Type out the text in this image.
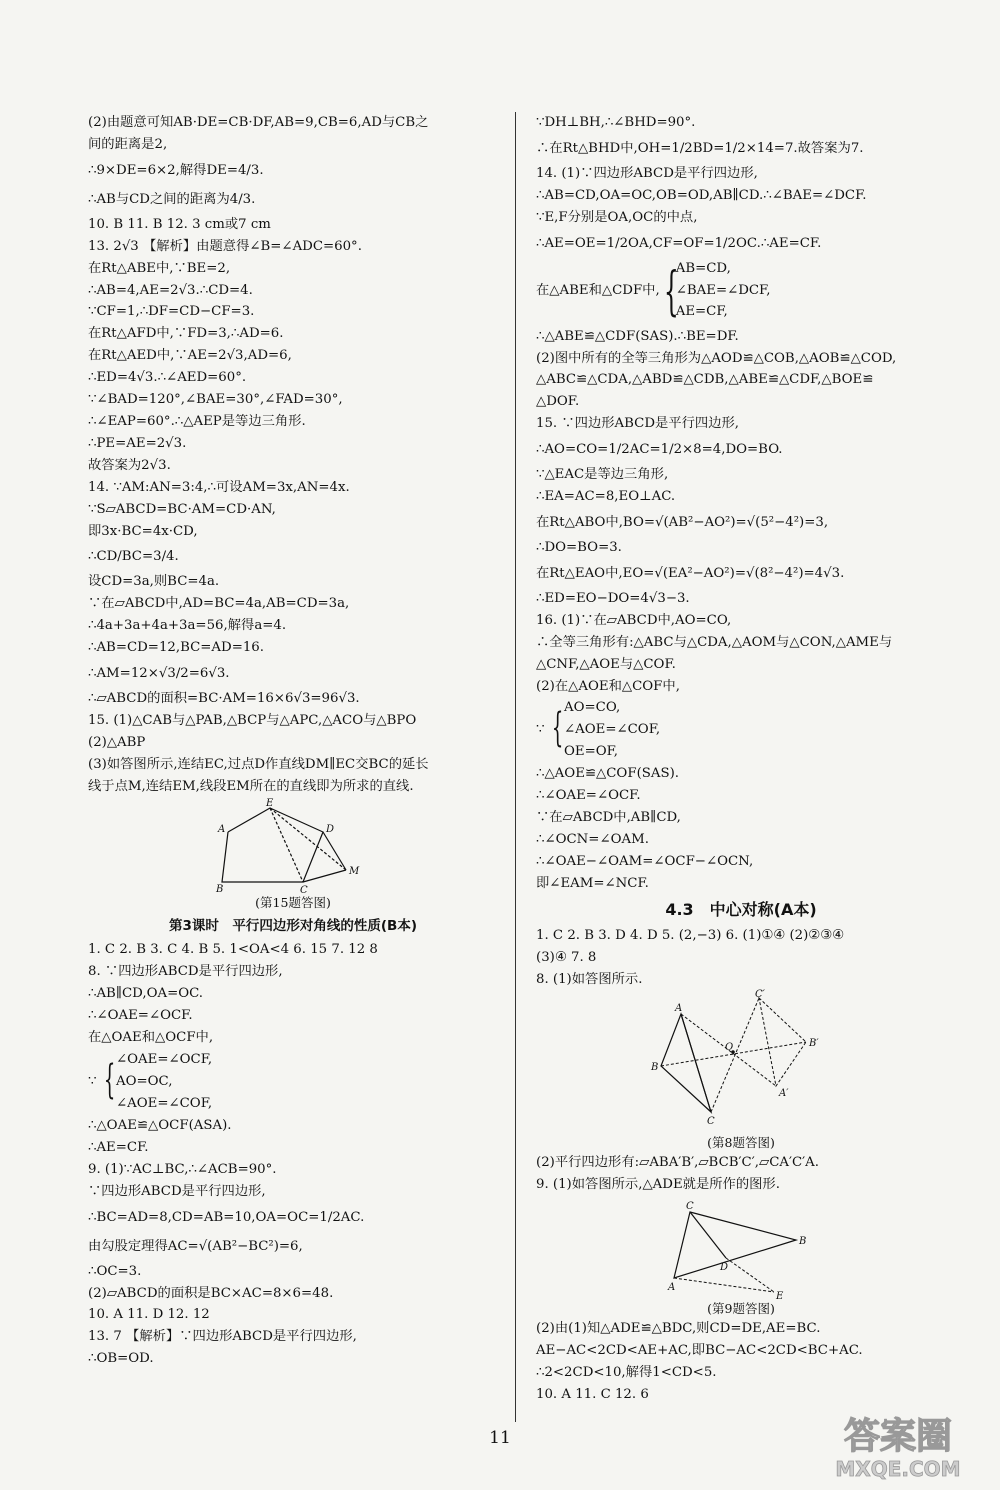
(2)由题意可知AB·DE=CB·DF,AB=9,CB=6,AD与CB之
间的距离是2,
∴9×DE=6×2,解得DE=4/3.
∴AB与CD之间的距离为4/3.
10. B 11. B 12. 3 cm或7 cm
13. 2√3 【解析】由题意得∠B=∠ADC=60°.
在Rt△ABE中,∵BE=2,
∴AB=4,AE=2√3.∴CD=4.
∵CF=1,∴DF=CD−CF=3.
在Rt△AFD中,∵FD=3,∴AD=6.
在Rt△AED中,∵AE=2√3,AD=6,
∴ED=4√3.∴∠AED=60°.
∵∠BAD=120°,∠BAE=30°,∠FAD=30°,
∴∠EAP=60°.∴△AEP是等边三角形.
∴PE=AE=2√3.
故答案为2√3.
14. ∵AM:AN=3:4,∴可设AM=3x,AN=4x.
∵S▱ABCD=BC·AM=CD·AN,
即3x·BC=4x·CD,
∴CD/BC=3/4.
设CD=3a,则BC=4a.
∵在▱ABCD中,AD=BC=4a,AB=CD=3a,
∴4a+3a+4a+3a=56,解得a=4.
∴AB=CD=12,BC=AD=16.
∴AM=12×√3/2=6√3.
∴▱ABCD的面积=BC·AM=16×6√3=96√3.
15. (1)△CAB与△PAB,△BCP与△APC,△ACO与△BPO
(2)△ABP
(3)如答图所示,连结EC,过点D作直线DM∥EC交BC的延长
线于点M,连结EM,线段EM所在的直线即为所求的直线.
E
A	D
B	C
M
(第15题答图)
第3课时　平行四边形对角线的性质(B本)
1. C 2. B 3. C 4. B 5. 1<OA<4 6. 15 7. 12 8
8. ∵四边形ABCD是平行四边形,
∴AB∥CD,OA=OC.
∴∠OAE=∠OCF.
在△OAE和△OCF中,
∵ { ∠OAE=∠OCF,
AO=OC,
∠AOE=∠COF,
∴△OAE≌△OCF(ASA).
∴AE=CF.
9. (1)∵AC⊥BC,∴∠ACB=90°.
∵四边形ABCD是平行四边形,
∴BC=AD=8,CD=AB=10,OA=OC=1/2AC.
由勾股定理得AC=√(AB²−BC²)=6,
∴OC=3.
(2)▱ABCD的面积是BC×AC=8×6=48.
10. A 11. D 12. 12
13. 7 【解析】∵四边形ABCD是平行四边形,
∴OB=OD.
∵DH⊥BH,∴∠BHD=90°.
∴在Rt△BHD中,OH=1/2BD=1/2×14=7.故答案为7.
14. (1)∵四边形ABCD是平行四边形,
∴AB=CD,OA=OC,OB=OD,AB∥CD.∴∠BAE=∠DCF.
∵E,F分别是OA,OC的中点,
∴AE=OE=1/2OA,CF=OF=1/2OC.∴AE=CF.
在△ABE和△CDF中, {
AB=CD,
∠BAE=∠DCF,
AE=CF,
∴△ABE≌△CDF(SAS).∴BE=DF.
(2)图中所有的全等三角形为△AOD≌△COB,△AOB≌△COD,
△ABC≌△CDA,△ABD≌△CDB,△ABE≌△CDF,△BOE≌
△DOF.
15. ∵四边形ABCD是平行四边形,
∴AO=CO=1/2AC=1/2×8=4,DO=BO.
∵△EAC是等边三角形,
∴EA=AC=8,EO⊥AC.
在Rt△ABO中,BO=√(AB²−AO²)=√(5²−4²)=3,
∴DO=BO=3.
在Rt△EAO中,EO=√(EA²−AO²)=√(8²−4²)=4√3.
∴ED=EO−DO=4√3−3.
16. (1)∵在▱ABCD中,AO=CO,
∴全等三角形有:△ABC与△CDA,△AOM与△CON,△AME与
△CNF,△AOE与△COF.
(2)在△AOE和△COF中,
∵ { AO=CO,
∠AOE=∠COF,
OE=OF,
∴△AOE≌△COF(SAS).
∴∠OAE=∠OCF.
∵在▱ABCD中,AB∥CD,
∴∠OCN=∠OAM.
∴∠OAE−∠OAM=∠OCF−∠OCN,
即∠EAM=∠NCF.
4.3　中心对称(A本)
1. C 2. B 3. D 4. D 5. (2,−3) 6. (1)①④ (2)②③④
(3)④ 7. 8
8. (1)如答图所示.
C′
A
O	B′
B
A′
C
(第8题答图)
(2)平行四边形有:▱ABA′B′,▱BCB′C′,▱CA′C′A.
9. (1)如答图所示,△ADE就是所作的图形.
C
B
D
A
E
(第9题答图)
(2)由(1)知△ADE≌△BDC,则CD=DE,AE=BC.
AE−AC<2CD<AE+AC,即BC−AC<2CD<BC+AC.
∴2<2CD<10,解得1<CD<5.
10. A 11. C 12. 6
11	答案圈
MXQE.COM
